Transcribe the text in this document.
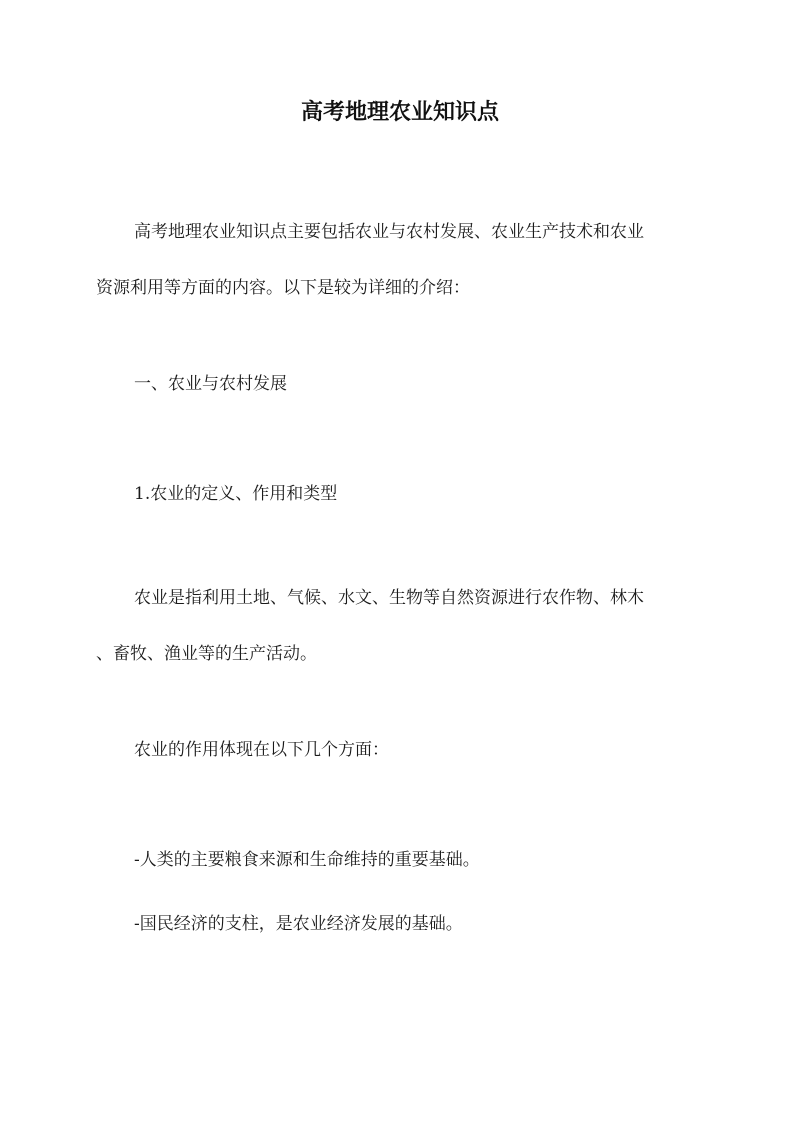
高考地理农业知识点
高考地理农业知识点主要包括农业与农村发展、农业生产技术和农业
资源利用等方面的内容。以下是较为详细的介绍：
一、农业与农村发展
1.农业的定义、作用和类型
农业是指利用土地、气候、水文、生物等自然资源进行农作物、林木
、畜牧、渔业等的生产活动。
农业的作用体现在以下几个方面：
-人类的主要粮食来源和生命维持的重要基础。
-国民经济的支柱，是农业经济发展的基础。
